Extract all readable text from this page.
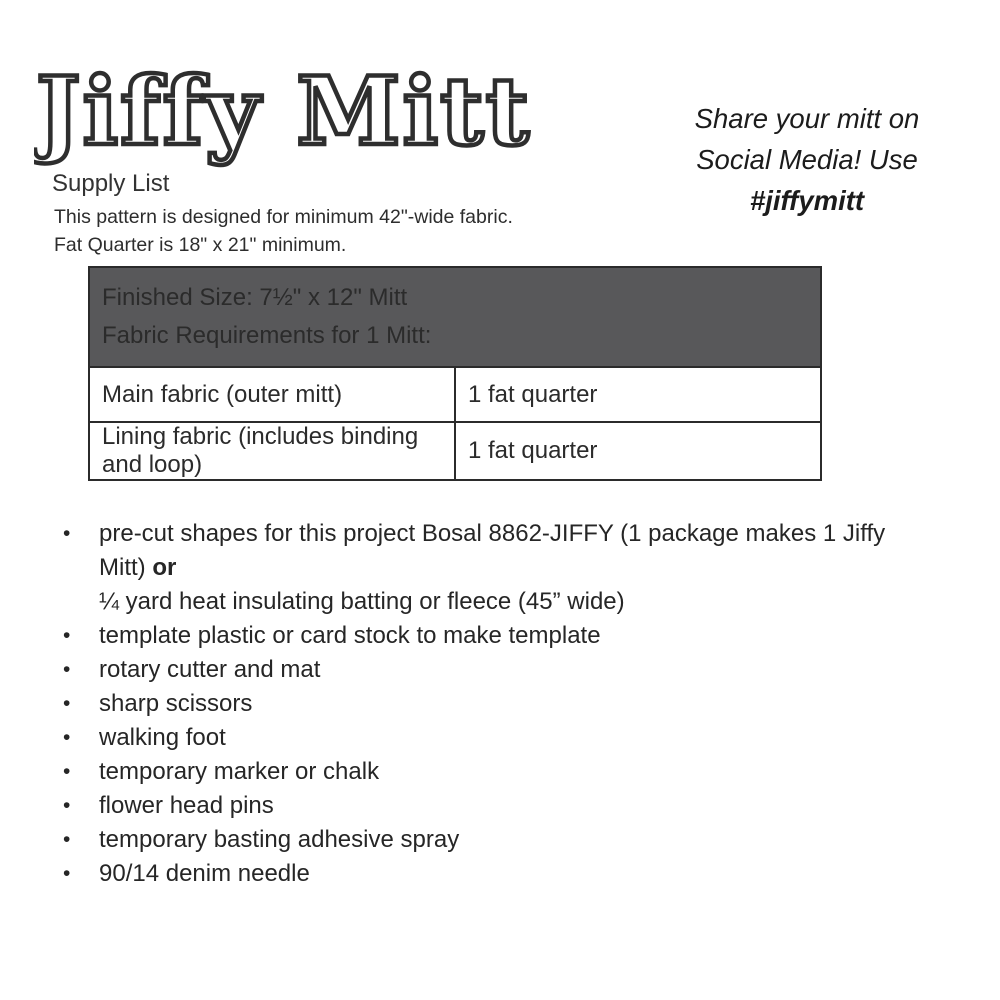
Jiffy Mitt
Supply List
This pattern is designed for minimum 42"-wide fabric.
Fat Quarter is 18" x 21" minimum.
Share your mitt on
Social Media! Use
#jiffymitt
Finished Size: 7½" x 12" Mitt
Fabric Requirements for 1 Mitt:	

Main fabric (outer mitt)	1 fat quarter
Lining fabric (includes binding and loop)	1 fat quarter
•	pre-cut shapes for this project Bosal 8862-JIFFY (1 package makes 1 Jiffy
Mitt) or
¼ yard heat insulating batting or fleece (45” wide)
•	template plastic or card stock to make template
•	rotary cutter and mat
•	sharp scissors
•	walking foot
•	temporary marker or chalk
•	flower head pins
•	temporary basting adhesive spray
•	90/14 denim needle
